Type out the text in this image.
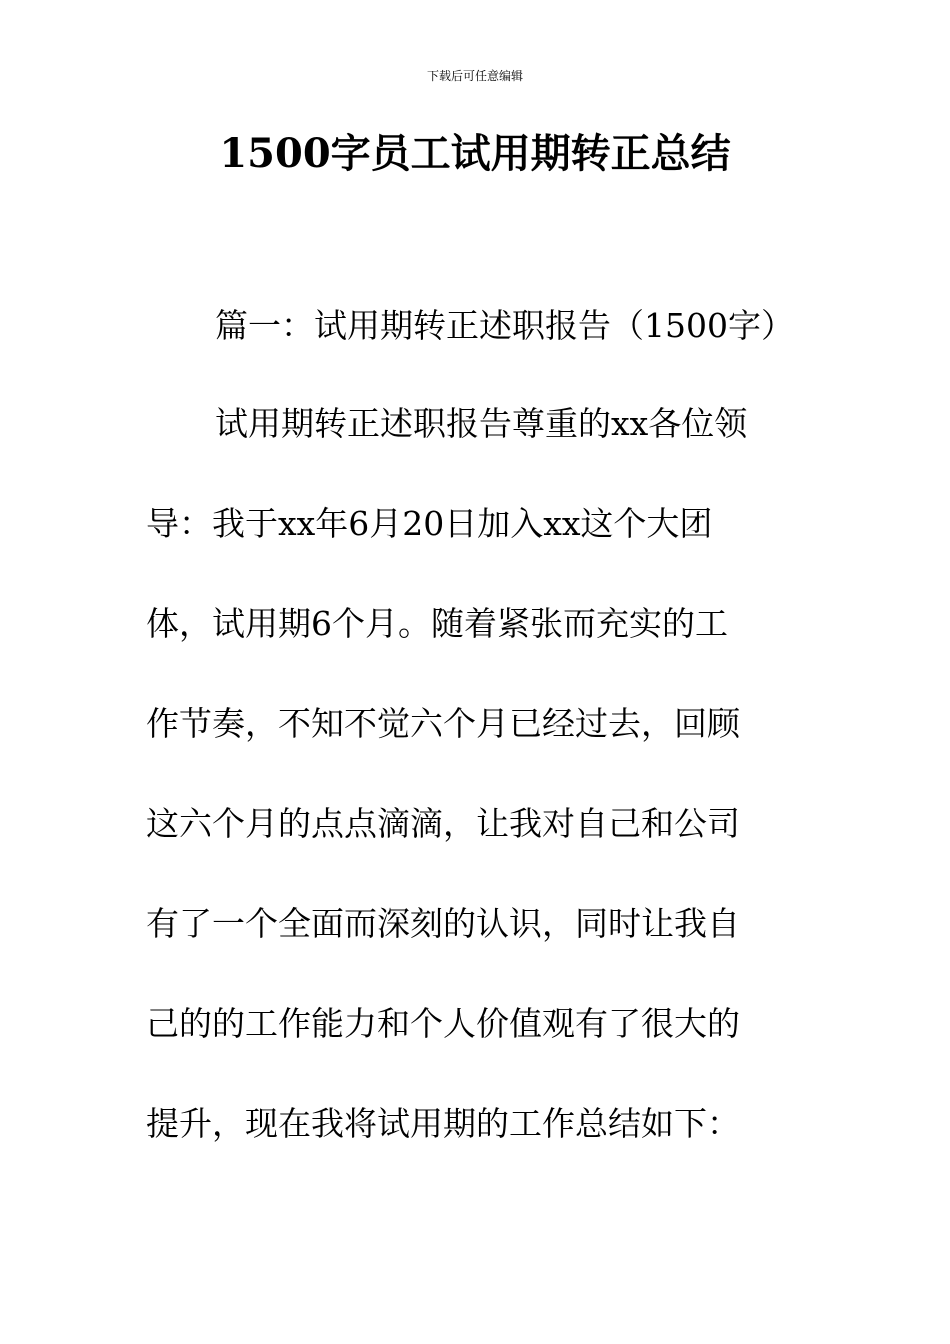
下载后可任意编辑
1500字员工试用期转正总结
篇一：试用期转正述职报告（1500字）
试用期转正述职报告尊重的xx各位领
导：我于xx年6月20日加入xx这个大团
体，试用期6个月。随着紧张而充实的工
作节奏，不知不觉六个月已经过去，回顾
这六个月的点点滴滴，让我对自己和公司
有了一个全面而深刻的认识，同时让我自
己的的工作能力和个人价值观有了很大的
提升，现在我将试用期的工作总结如下：
